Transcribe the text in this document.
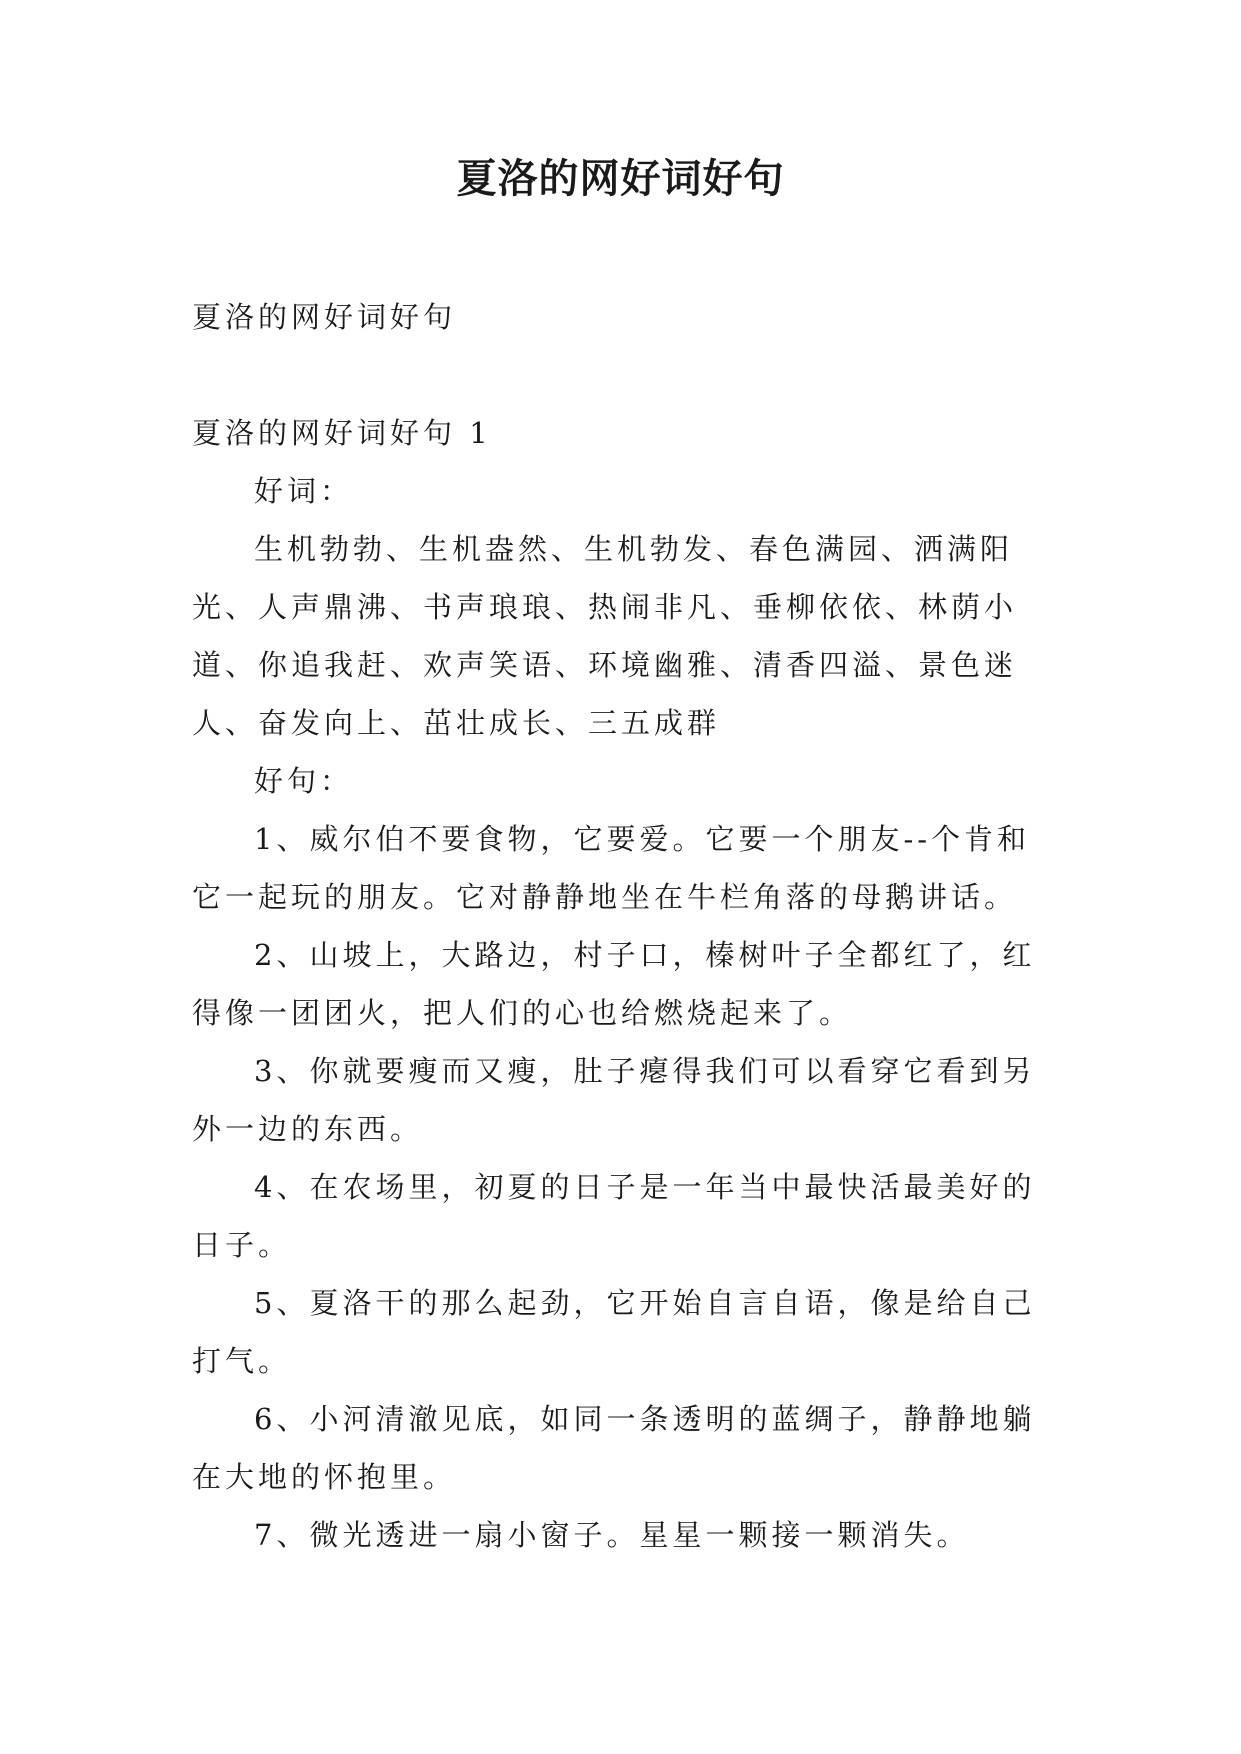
夏洛的网好词好句

夏洛的网好词好句

夏洛的网好词好句 1

好词：

生机勃勃、生机盎然、生机勃发、春色满园、洒满阳光、人声鼎沸、书声琅琅、热闹非凡、垂柳依依、林荫小道、你追我赶、欢声笑语、环境幽雅、清香四溢、景色迷人、奋发向上、茁壮成长、三五成群

好句：

1、威尔伯不要食物，它要爱。它要一个朋友--个肯和它一起玩的朋友。它对静静地坐在牛栏角落的母鹅讲话。

2、山坡上，大路边，村子口，榛树叶子全都红了，红得像一团团火，把人们的心也给燃烧起来了。

3、你就要瘦而又瘦，肚子瘪得我们可以看穿它看到另外一边的东西。

4、在农场里，初夏的日子是一年当中最快活最美好的日子。

5、夏洛干的那么起劲，它开始自言自语，像是给自己打气。

6、小河清澈见底，如同一条透明的蓝绸子，静静地躺在大地的怀抱里。

7、微光透进一扇小窗子。星星一颗接一颗消失。
